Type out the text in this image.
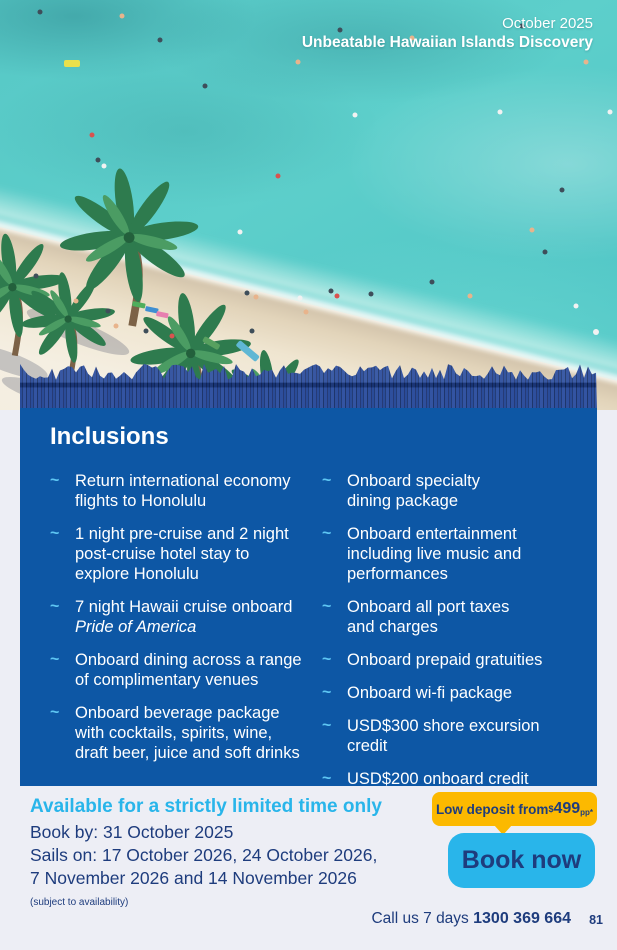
October 2025
Unbeatable Hawaiian Islands Discovery
Inclusions
~ Return international economy
flights to Honolulu
~ 1 night pre-cruise and 2 night
post-cruise hotel stay to
explore Honolulu
~ 7 night Hawaii cruise onboard
Pride of America
~ Onboard dining across a range
of complimentary venues
~ Onboard beverage package
with cocktails, spirits, wine,
draft beer, juice and soft drinks
~ Onboard specialty
dining package
~ Onboard entertainment
including live music and
performances
~ Onboard all port taxes
and charges
~ Onboard prepaid gratuities
~ Onboard wi-fi package
~ USD$300 shore excursion credit
~ USD$200 onboard credit
Available for a strictly limited time only
Book by: 31 October 2025
Sails on: 17 October 2026, 24 October 2026,
7 November 2026 and 14 November 2026
(subject to availability)
Low deposit from $ $499_{pp*}$
Book now
Call us 7 days 1300 369 664 81
